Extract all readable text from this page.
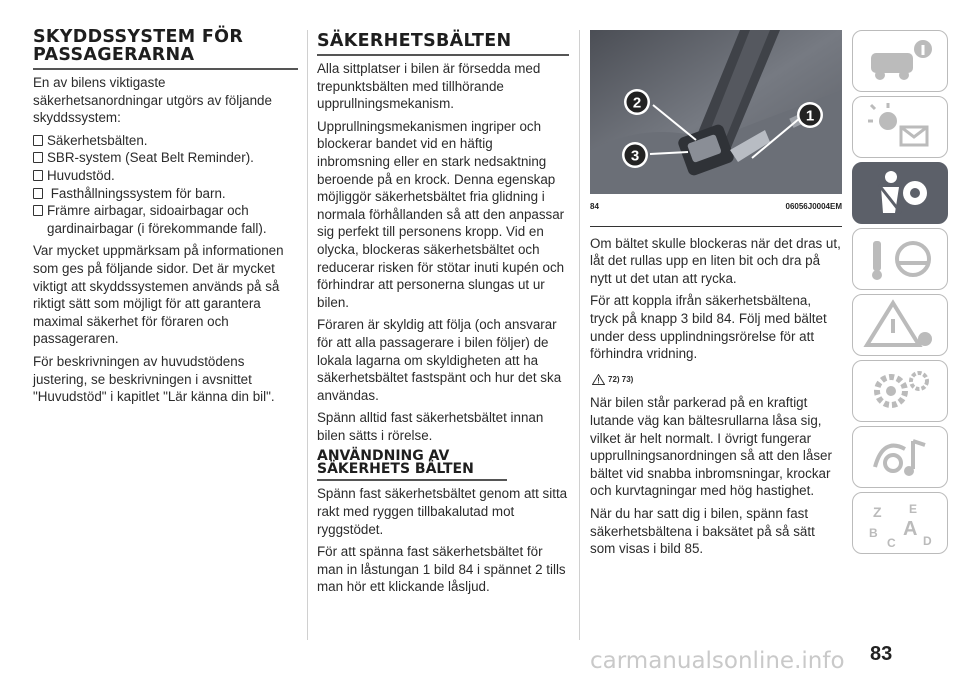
SKYDDSSYSTEM FÖR PASSAGERARNA

En av bilens viktigaste säkerhetsanordningar utgörs av följande skyddssystem:

Säkerhetsbälten.
SBR-system (Seat Belt Reminder).
Huvudstöd.
Fasthållningssystem för barn.
Främre airbagar, sidoairbagar och gardinairbagar (i förekommande fall).

Var mycket uppmärksam på informationen som ges på följande sidor. Det är mycket viktigt att skyddssystemen används på så riktigt sätt som möjligt för att garantera maximal säkerhet för föraren och passageraren.

För beskrivningen av huvudstödens justering, se beskrivningen i avsnittet "Huvudstöd" i kapitlet "Lär känna din bil".

SÄKERHETSBÄLTEN

Alla sittplatser i bilen är försedda med trepunktsbälten med tillhörande upprullningsmekanism.

Upprullningsmekanismen ingriper och blockerar bandet vid en häftig inbromsning eller en stark nedsaktning beroende på en krock. Denna egenskap möjliggör säkerhetsbältet fria glidning i normala förhållanden så att den anpassar sig perfekt till personens kropp. Vid en olycka, blockeras säkerhetsbältet och reducerar risken för stötar inuti kupén och förhindrar att personerna slungas ut ur bilen.

Föraren är skyldig att följa (och ansvarar för att alla passagerare i bilen följer) de lokala lagarna om skyldigheten att ha säkerhetsbältet fastspänt och hur det ska användas.

Spänn alltid fast säkerhetsbältet innan bilen sätts i rörelse.

ANVÄNDNING AV SÄKERHETS BÄLTEN

Spänn fast säkerhetsbältet genom att sitta rakt med ryggen tillbakalutad mot ryggstödet.

För att spänna fast säkerhetsbältet för man in låstungan 1 bild 84 i spännet 2 tills man hör ett klickande låsljud.

2
3
1
84	06056J0004EM

Om bältet skulle blockeras när det dras ut, låt det rullas upp en liten bit och dra på nytt ut det utan att rycka.

För att koppla ifrån säkerhetsbältena, tryck på knapp 3 bild 84. Följ med bältet under dess upplindningsrörelse för att förhindra vridning.

72) 73)

När bilen står parkerad på en kraftigt lutande väg kan bältesrullarna låsa sig, vilket är helt normalt. I övrigt fungerar upprullningsanordningen så att den låser bältet vid snabba inbromsningar, krockar och kurvtagningar med hög hastighet.

När du har satt dig i bilen, spänn fast säkerhetsbältena i baksätet på så sätt som visas i bild 85.

Z E
B A
C D
83
carmanualsonline.info
